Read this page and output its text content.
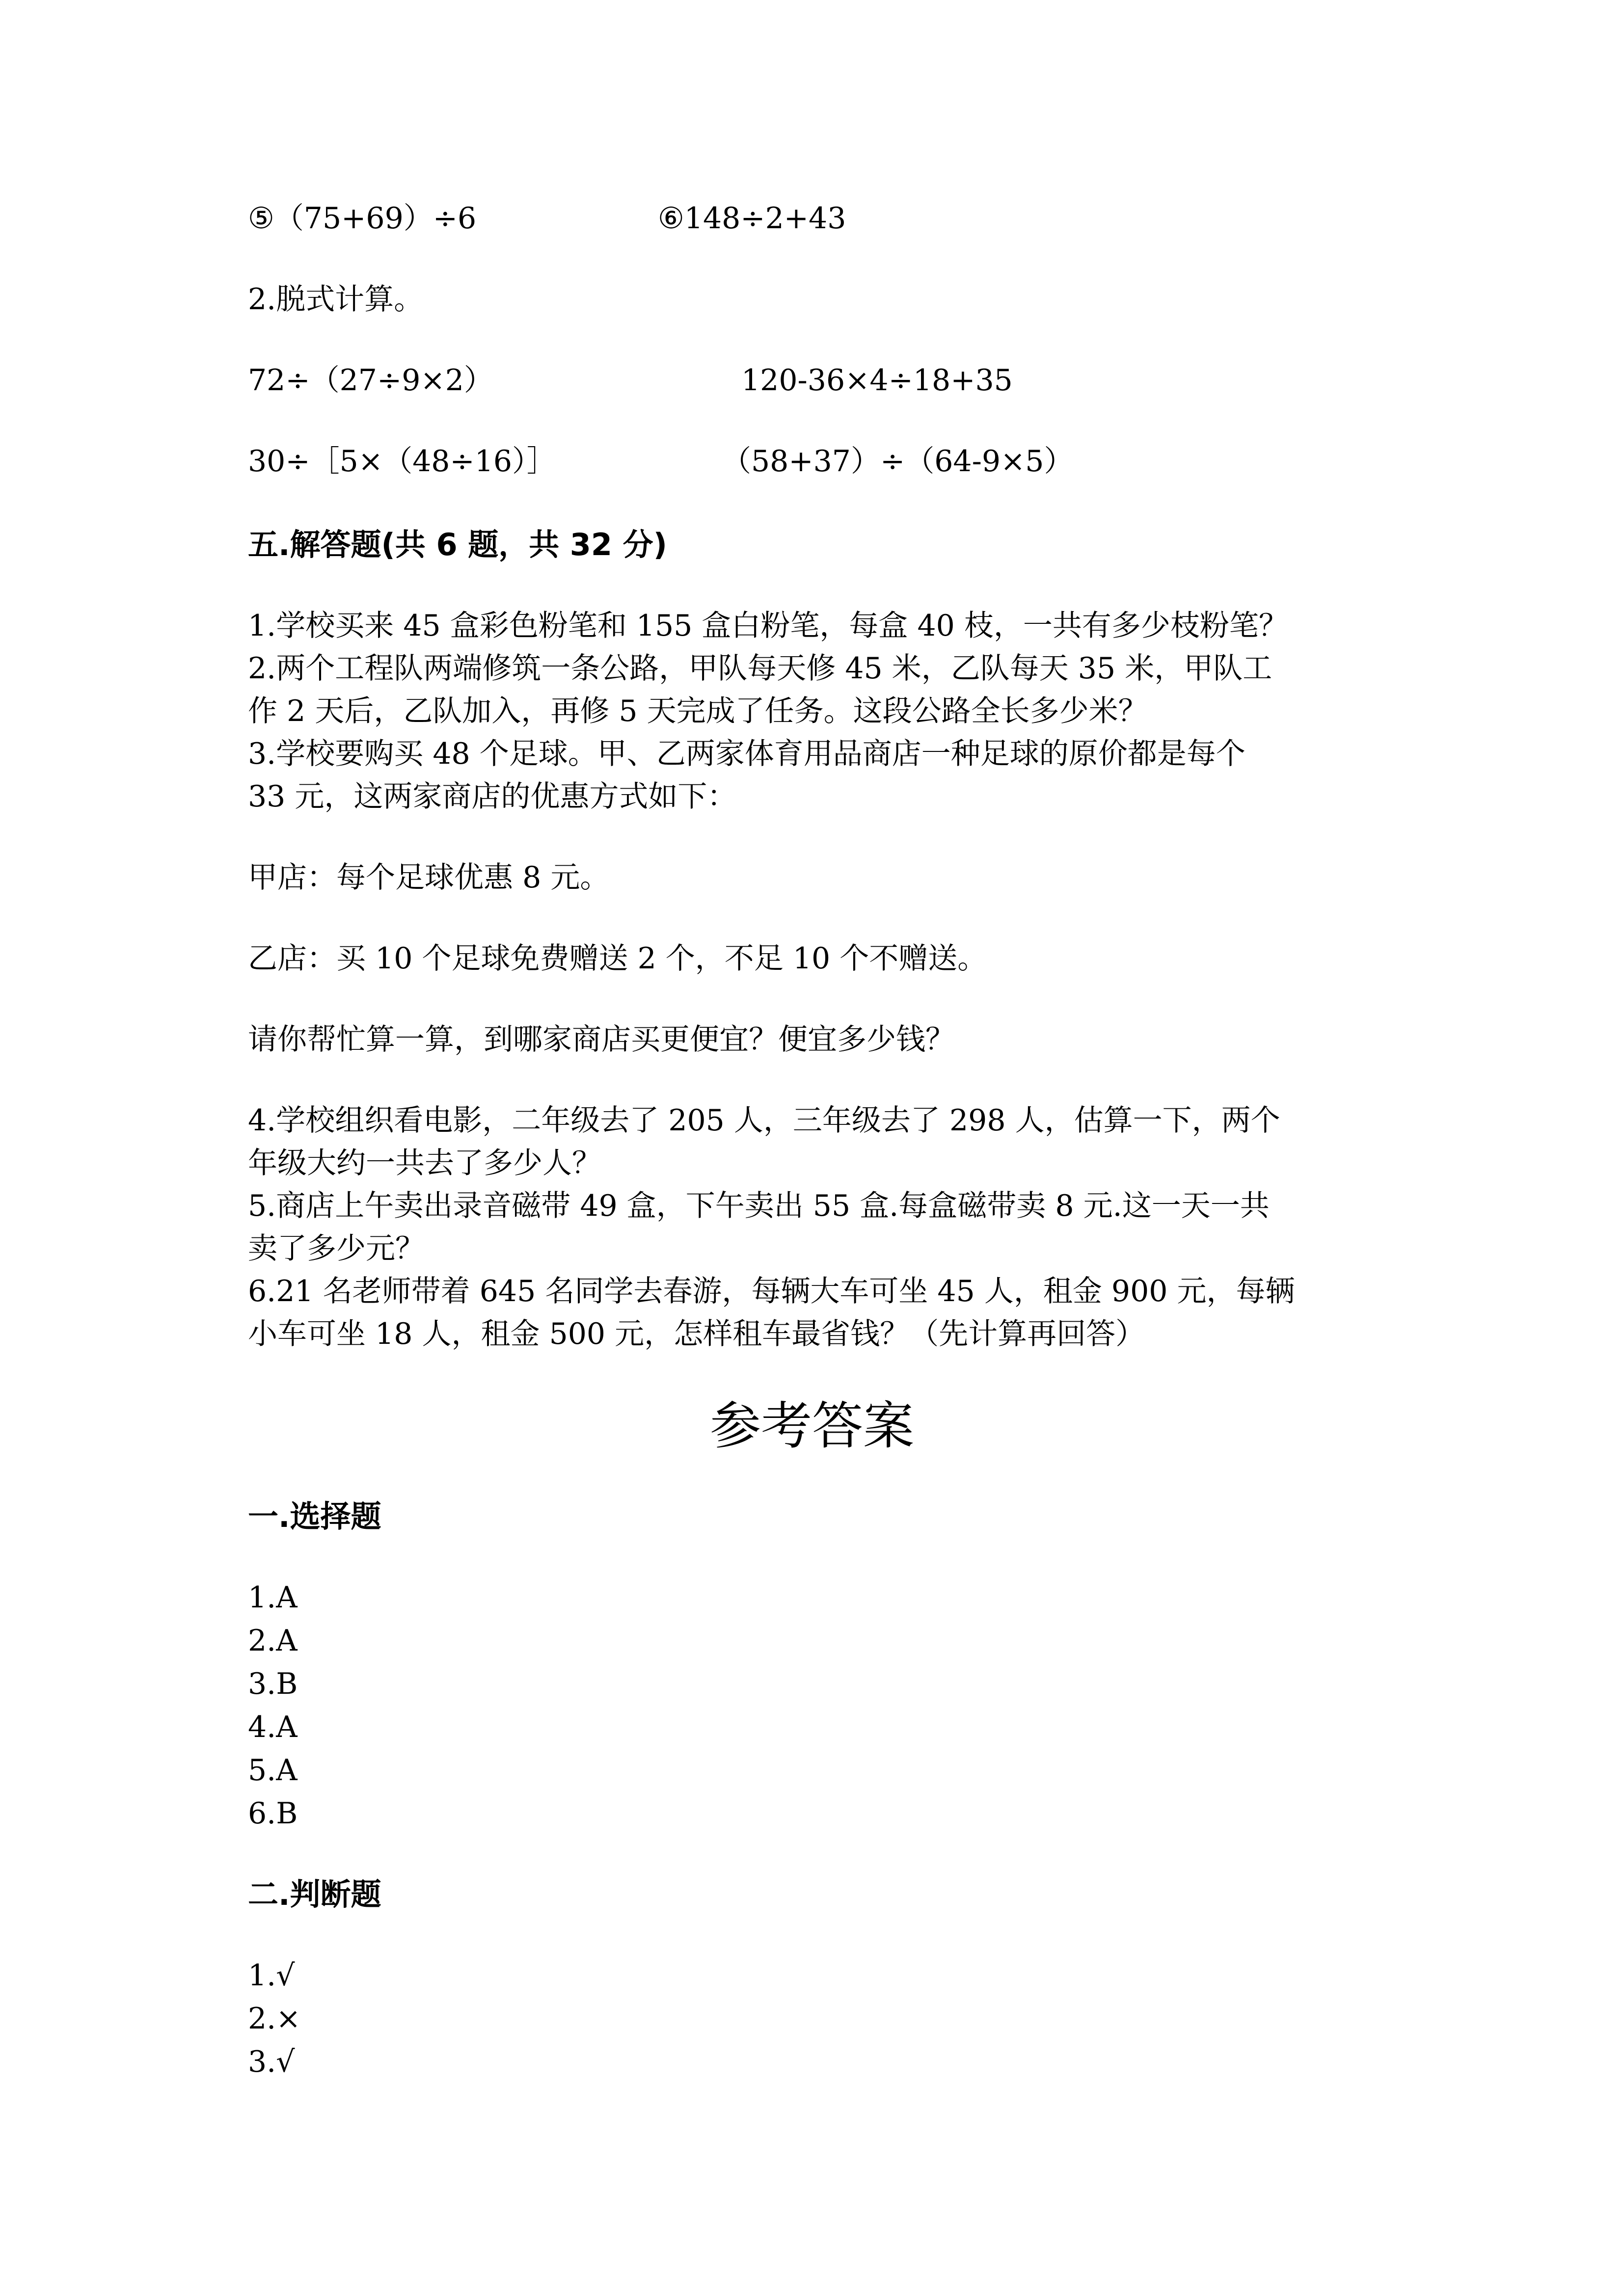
⑤（75+69）÷6	⑥148÷2+43
2.脱式计算。
72÷（27÷9×2）	120-36×4÷18+35
30÷［5×（48÷16）］	（58+37）÷（64-9×5）
五.解答题(共 6 题，共 32 分)
1.学校买来 45 盒彩色粉笔和 155 盒白粉笔，每盒 40 枝，一共有多少枝粉笔？
2.两个工程队两端修筑一条公路，甲队每天修 45 米，乙队每天 35 米，甲队工
作 2 天后，乙队加入，再修 5 天完成了任务。这段公路全长多少米？
3.学校要购买 48 个足球。甲、乙两家体育用品商店一种足球的原价都是每个
33 元，这两家商店的优惠方式如下：
甲店：每个足球优惠 8 元。
乙店：买 10 个足球免费赠送 2 个，不足 10 个不赠送。
请你帮忙算一算，到哪家商店买更便宜？便宜多少钱？
4.学校组织看电影，二年级去了 205 人，三年级去了 298 人，估算一下，两个
年级大约一共去了多少人？
5.商店上午卖出录音磁带 49 盒，下午卖出 55 盒.每盒磁带卖 8 元.这一天一共
卖了多少元？
6.21 名老师带着 645 名同学去春游，每辆大车可坐 45 人，租金 900 元，每辆
小车可坐 18 人，租金 500 元，怎样租车最省钱？（先计算再回答）
参考答案
一.选择题
1.A
2.A
3.B
4.A
5.A
6.B
二.判断题
1.√
2.×
3.√
